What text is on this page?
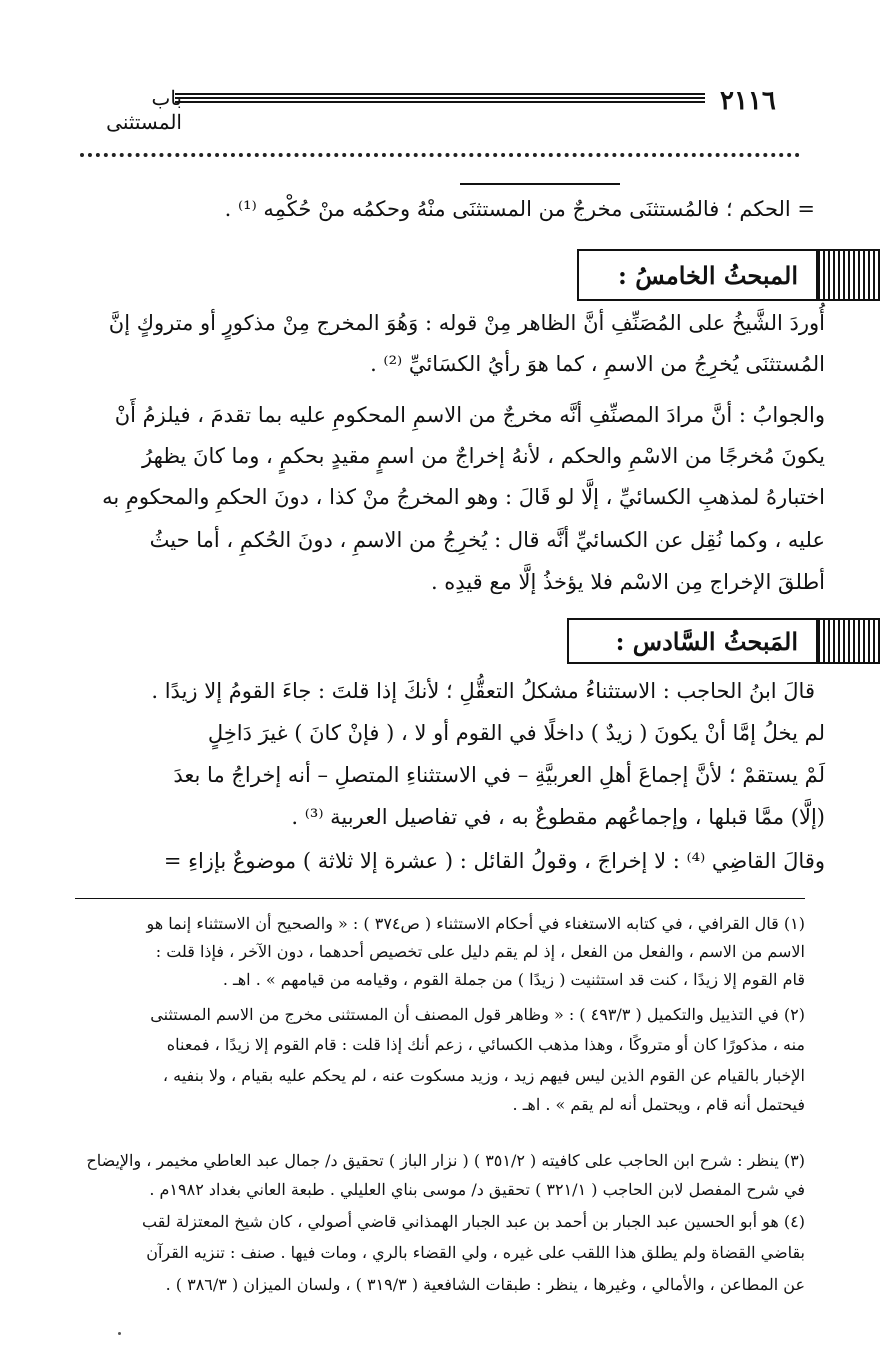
٢١١٦
باب المستثنى
= الحكم ؛ فالمُستثنَى مخرجٌ من المستثنَى منْهُ وحكمُه منْ حُكْمِه ⁽¹⁾ .
المبحثُ الخامسُ :
أُوردَ الشَّيخُ على المُصَنِّفِ أنَّ الظاهر مِنْ قوله : وَهُوَ المخرج مِنْ مذكورٍ أو متروكٍ إنَّ
المُستثنَى يُخرِجُ من الاسمِ ، كما هوَ رأيُ الكسَائيِّ ⁽²⁾ .
والجوابُ : أنَّ مرادَ المصنِّفِ أنَّه مخرجٌ من الاسمِ المحكومِ عليه بما تقدمَ ، فيلزمُ أَنْ
يكونَ مُخرجًا من الاسْمِ والحكم ، لأنهُ إخراجٌ من اسمٍ مقيدٍ بحكمٍ ، وما كانَ يظهرُ
اختبارهُ لمذهبِ الكسائيِّ ، إلَّا لو قَالَ : وهو المخرجُ منْ كذا ، دونَ الحكمِ والمحكومِ به
عليه ، وكما نُقِل عن الكسائيِّ أنَّه قال : يُخرِجُ من الاسمِ ، دونَ الحُكمِ ، أما حيثُ
أطلقَ الإخراج مِن الاسْم فلا يؤخذُ إلَّا مع قيدِه .
المَبحثُ السَّادس :
قالَ ابنُ الحاجب : الاستثناءُ مشكلُ التعقُّلِ ؛ لأنكَ إذا قلتَ : جاءَ القومُ إلا زيدًا .
لم يخلُ إمَّا أنْ يكونَ ( زيدٌ ) داخلًا في القوم أو لا ، ( فإنْ كانَ ) غيرَ دَاخِلٍ
لَمْ يستقمْ ؛ لأنَّ إجماعَ أهلِ العربيَّةِ – في الاستثناءِ المتصلِ – أنه إخراجُ ما بعدَ
(إلَّا) ممَّا قبلها ، وإجماعُهم مقطوعٌ به ، في تفاصيل العربية ⁽³⁾ .
وقالَ القاضِي ⁽⁴⁾ : لا إخراجَ ، وقولُ القائل : ( عشرة إلا ثلاثة ) موضوعٌ بإزاءِ =
(١) قال القرافي ، في كتابه الاستغناء في أحكام الاستثناء ( ص٣٧٤ ) : « والصحيح أن الاستثناء إنما هو
الاسم من الاسم ، والفعل من الفعل ، إذ لم يقم دليل على تخصيص أحدهما ، دون الآخر ، فإذا قلت :
قام القوم إلا زيدًا ، كنت قد استثنيت ( زيدًا ) من جملة القوم ، وقيامه من قيامهم » . اهـ .
(٢) في التذييل والتكميل ( ٤٩٣/٣ ) : « وظاهر قول المصنف أن المستثنى مخرج من الاسم المستثنى
منه ، مذكورًا كان أو متروكًا ، وهذا مذهب الكسائي ، زعم أنك إذا قلت : قام القوم إلا زيدًا ، فمعناه
الإخبار بالقيام عن القوم الذين ليس فيهم زيد ، وزيد مسكوت عنه ، لم يحكم عليه بقيام ، ولا بنفيه ،
فيحتمل أنه قام ، ويحتمل أنه لم يقم » . اهـ .
(٣) ينظر : شرح ابن الحاجب على كافيته ( ٣٥١/٢ ) ( نزار الباز ) تحقيق د/ جمال عبد العاطي مخيمر ، والإيضاح
في شرح المفصل لابن الحاجب ( ٣٢١/١ ) تحقيق د/ موسى بناي العليلي . طبعة العاني بغداد ١٩٨٢م .
(٤) هو أبو الحسين عبد الجبار بن أحمد بن عبد الجبار الهمذاني قاضي أصولي ، كان شيخ المعتزلة لقب
بقاضي القضاة ولم يطلق هذا اللقب على غيره ، ولي القضاء بالري ، ومات فيها . صنف : تنزيه القرآن
عن المطاعن ، والأمالي ، وغيرها ، ينظر : طبقات الشافعية ( ٣١٩/٣ ) ، ولسان الميزان ( ٣٨٦/٣ ) .
